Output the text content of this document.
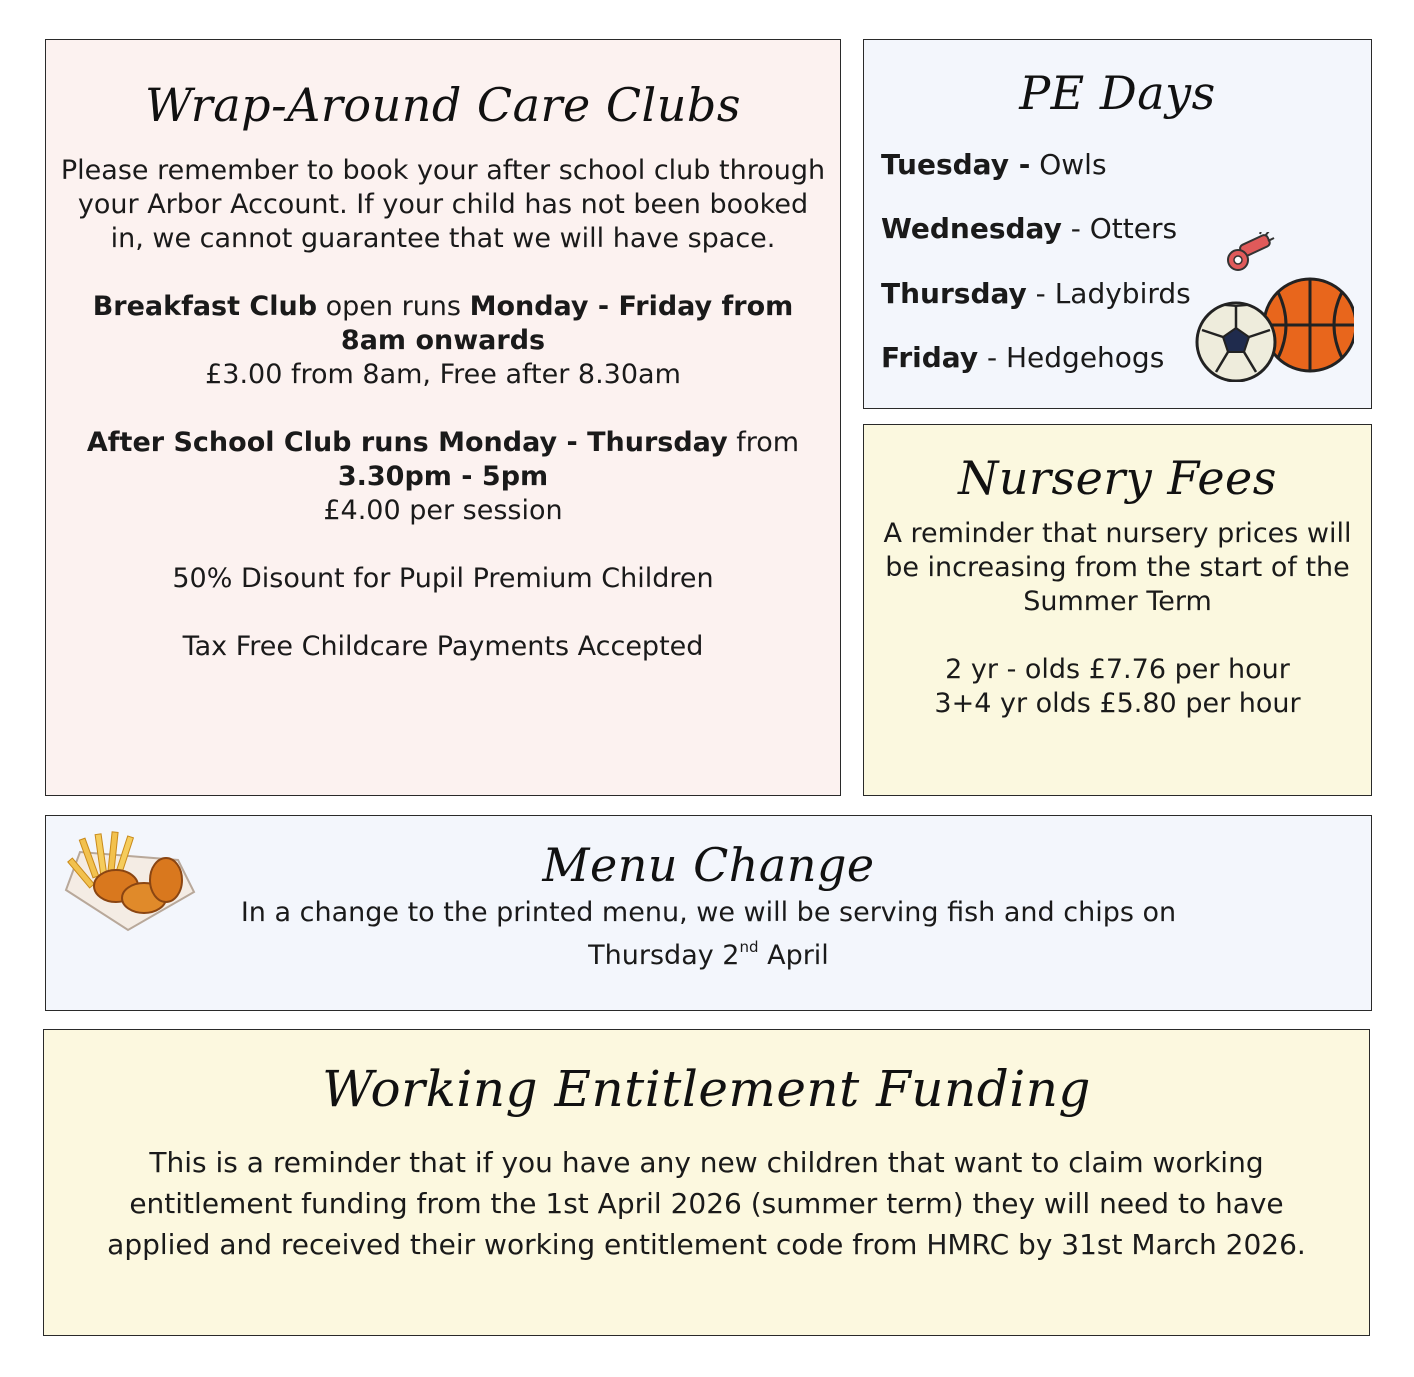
Wrap-Around Care Clubs

Please remember to book your after school club through your Arbor Account. If your child has not been booked in, we cannot guarantee that we will have space.

Breakfast Club open runs Monday - Friday from 8am onwards

£3.00 from 8am, Free after 8.30am

After School Club runs Monday - Thursday from 3.30pm - 5pm

£4.00 per session

50% Disount for Pupil Premium Children

Tax Free Childcare Payments Accepted

PE Days
Tuesday - Owls
Wednesday - Otters
Thursday - Ladybirds
Friday - Hedgehogs
Nursery Fees

A reminder that nursery prices will be increasing from the start of the Summer Term

2 yr - olds £7.76 per hour

3+4 yr olds £5.80 per hour

Menu Change

In a change to the printed menu, we will be serving fish and chips on

Thursday 2nd April

Working Entitlement Funding

This is a reminder that if you have any new children that want to claim working entitlement funding from the 1st April 2026 (summer term) they will need to have applied and received their working entitlement code from HMRC by 31st March 2026.
